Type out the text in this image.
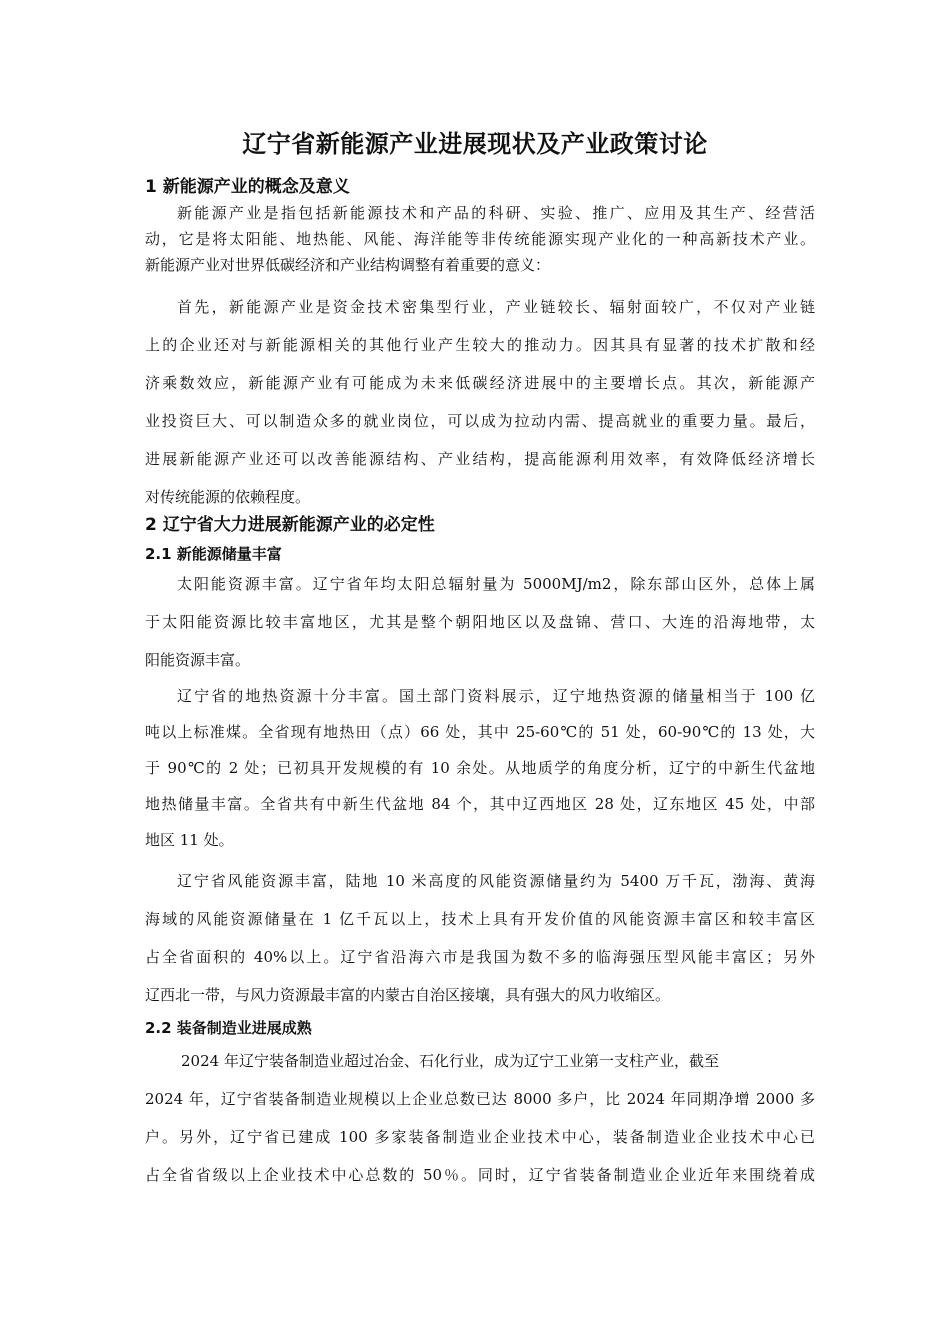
辽宁省新能源产业进展现状及产业政策讨论
1 新能源产业的概念及意义
新能源产业是指包括新能源技术和产品的科研、实验、推广、应用及其生产、经营活
动，它是将太阳能、地热能、风能、海洋能等非传统能源实现产业化的一种高新技术产业。
新能源产业对世界低碳经济和产业结构调整有着重要的意义：
首先，新能源产业是资金技术密集型行业，产业链较长、辐射面较广，不仅对产业链
上的企业还对与新能源相关的其他行业产生较大的推动力。因其具有显著的技术扩散和经
济乘数效应，新能源产业有可能成为未来低碳经济进展中的主要增长点。其次，新能源产
业投资巨大、可以制造众多的就业岗位，可以成为拉动内需、提高就业的重要力量。最后，
进展新能源产业还可以改善能源结构、产业结构，提高能源利用效率，有效降低经济增长
对传统能源的依赖程度。
2 辽宁省大力进展新能源产业的必定性
2.1 新能源储量丰富
太阳能资源丰富。辽宁省年均太阳总辐射量为 5000MJ/m2，除东部山区外，总体上属
于太阳能资源比较丰富地区，尤其是整个朝阳地区以及盘锦、营口、大连的沿海地带，太
阳能资源丰富。
辽宁省的地热资源十分丰富。国土部门资料展示，辽宁地热资源的储量相当于 100 亿
吨以上标准煤。全省现有地热田（点）66 处，其中 25-60℃的 51 处，60-90℃的 13 处，大
于 90℃的 2 处；已初具开发规模的有 10 余处。从地质学的角度分析，辽宁的中新生代盆地
地热储量丰富。全省共有中新生代盆地 84 个，其中辽西地区 28 处，辽东地区 45 处，中部
地区 11 处。
辽宁省风能资源丰富，陆地 10 米高度的风能资源储量约为 5400 万千瓦，渤海、黄海
海域的风能资源储量在 1 亿千瓦以上，技术上具有开发价值的风能资源丰富区和较丰富区
占全省面积的 40%以上。辽宁省沿海六市是我国为数不多的临海强压型风能丰富区；另外
辽西北一带，与风力资源最丰富的内蒙古自治区接壤，具有强大的风力收缩区。
2.2 装备制造业进展成熟
2024 年辽宁装备制造业超过冶金、石化行业，成为辽宁工业第一支柱产业，截至
2024 年，辽宁省装备制造业规模以上企业总数已达 8000 多户，比 2024 年同期净增 2000 多
户。另外，辽宁省已建成 100 多家装备制造业企业技术中心，装备制造业企业技术中心已
占全省省级以上企业技术中心总数的 50％。同时，辽宁省装备制造业企业近年来围绕着成
